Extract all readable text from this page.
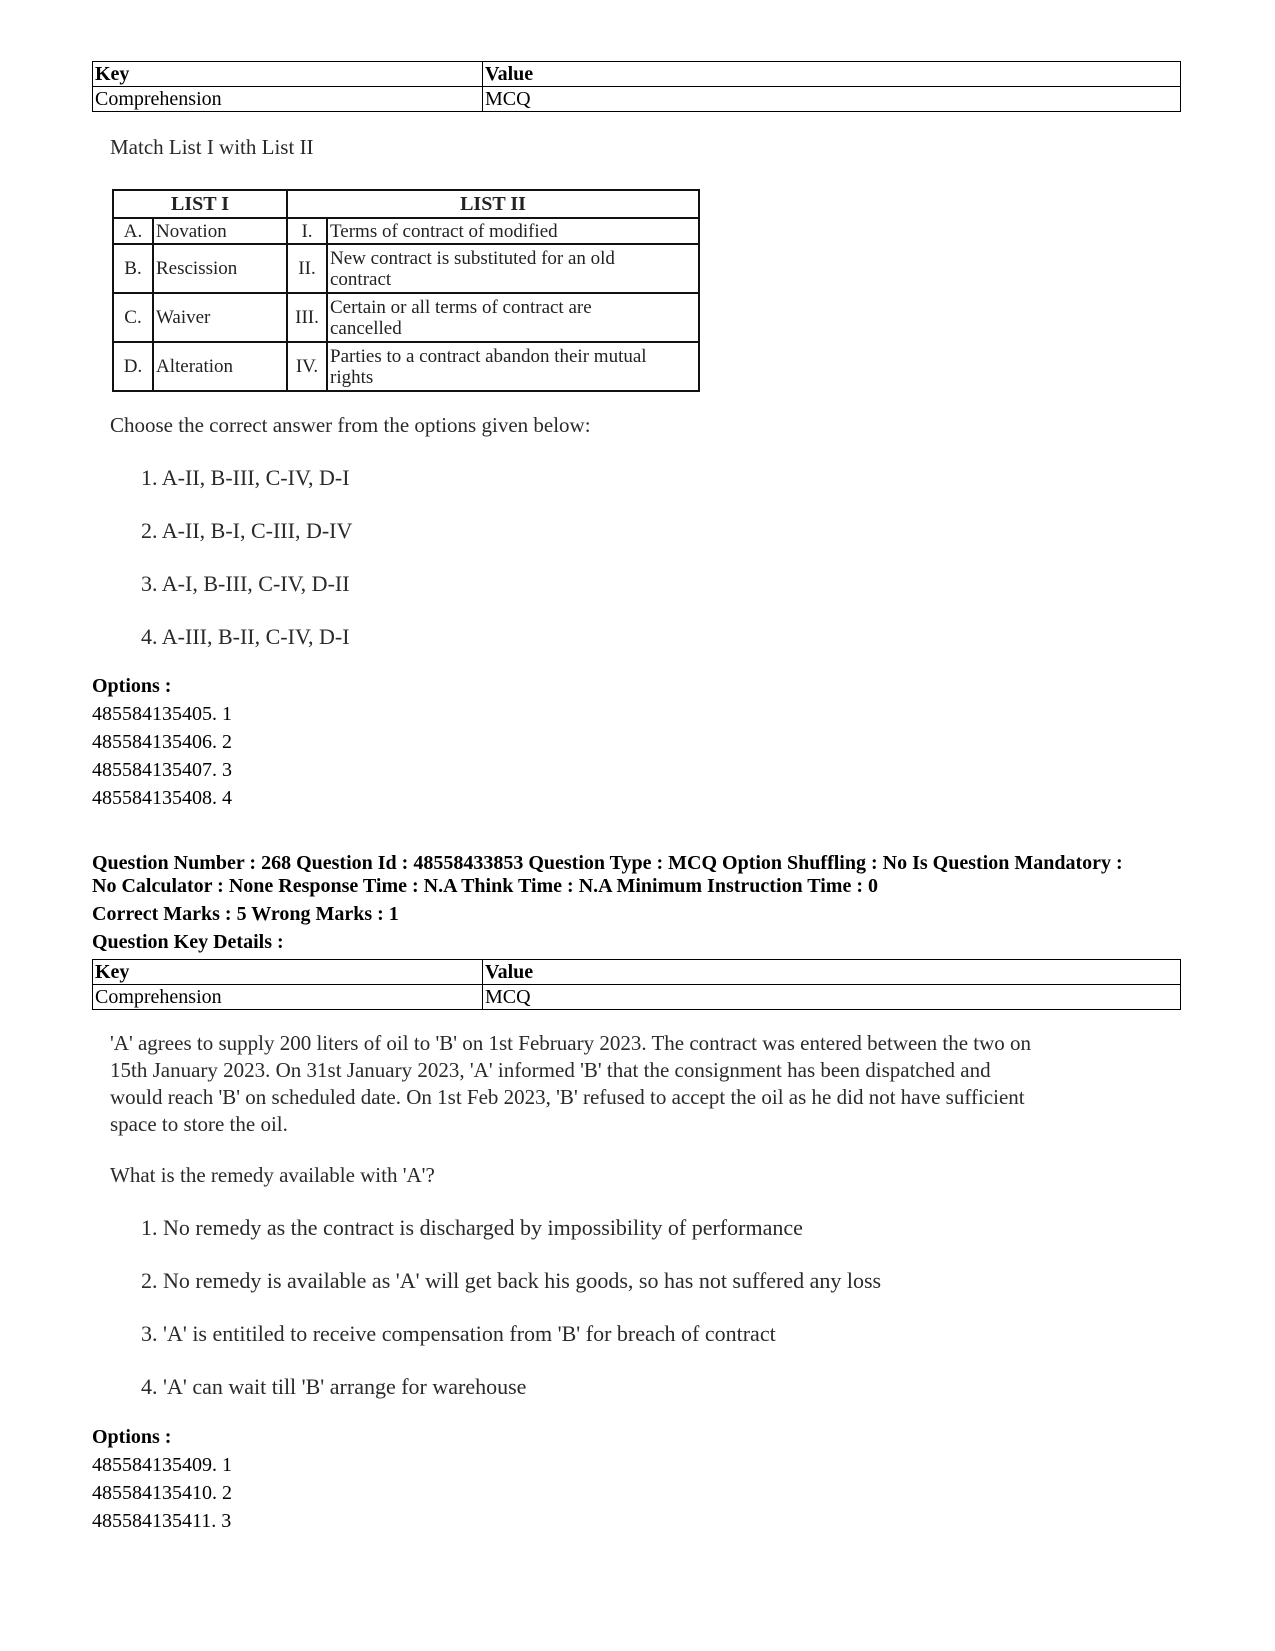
Key	Value
Comprehension	MCQ
Match List I with List II
LIST I		LIST II	
A.	Novation	I.	Terms of contract of modified
B.	Rescission	II.	New contract is substituted for an old
contract
C.	Waiver	III.	Certain or all terms of contract are
cancelled
D.	Alteration	IV.	Parties to a contract abandon their mutual
rights
Choose the correct answer from the options given below:
1. A-II, B-III, C-IV, D-I
2. A-II, B-I, C-III, D-IV
3. A-I, B-III, C-IV, D-II
4. A-III, B-II, C-IV, D-I
Options :
485584135405. 1
485584135406. 2
485584135407. 3
485584135408. 4
Question Number : 268 Question Id : 48558433853 Question Type : MCQ Option Shuffling : No Is Question Mandatory :
No Calculator : None Response Time : N.A Think Time : N.A Minimum Instruction Time : 0
Correct Marks : 5 Wrong Marks : 1
Question Key Details :
Key	Value
Comprehension	MCQ
'A' agrees to supply 200 liters of oil to 'B' on 1st February 2023. The contract was entered between the two on
15th January 2023. On 31st January 2023, 'A' informed 'B' that the consignment has been dispatched and
would reach 'B' on scheduled date. On 1st Feb 2023, 'B' refused to accept the oil as he did not have sufficient
space to store the oil.
What is the remedy available with 'A'?
1. No remedy as the contract is discharged by impossibility of performance
2. No remedy is available as 'A' will get back his goods, so has not suffered any loss
3. 'A' is entitiled to receive compensation from 'B' for breach of contract
4. 'A' can wait till 'B' arrange for warehouse
Options :
485584135409. 1
485584135410. 2
485584135411. 3
